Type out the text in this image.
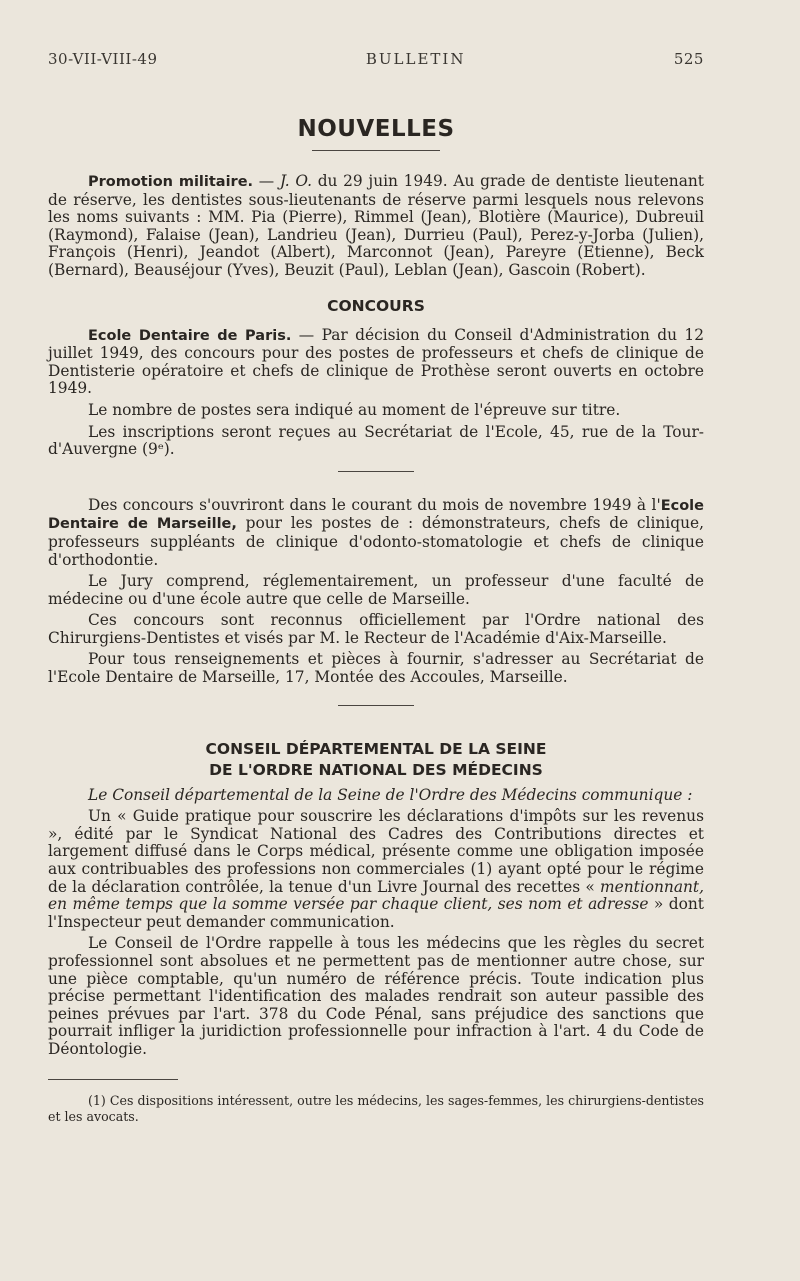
30-VII-VIII-49	BULLETIN	525
NOUVELLES

Promotion militaire. — J. O. du 29 juin 1949. Au grade de dentiste lieutenant de réserve, les dentistes sous-lieutenants de réserve parmi lesquels nous relevons les noms suivants : MM. Pia (Pierre), Rimmel (Jean), Blotière (Maurice), Dubreuil (Raymond), Falaise (Jean), Landrieu (Jean), Durrieu (Paul), Perez-y-Jorba (Julien), François (Henri), Jeandot (Albert), Marconnot (Jean), Pareyre (Etienne), Beck (Bernard), Beauséjour (Yves), Beuzit (Paul), Leblan (Jean), Gascoin (Robert).

CONCOURS

Ecole Dentaire de Paris. — Par décision du Conseil d'Administration du 12 juillet 1949, des concours pour des postes de professeurs et chefs de clinique de Dentisterie opératoire et chefs de clinique de Prothèse seront ouverts en octobre 1949.

Le nombre de postes sera indiqué au moment de l'épreuve sur titre.

Les inscriptions seront reçues au Secrétariat de l'Ecole, 45, rue de la Tour-d'Auvergne (9ᵉ).

Des concours s'ouvriront dans le courant du mois de novembre 1949 à l'Ecole Dentaire de Marseille, pour les postes de : démonstrateurs, chefs de clinique, professeurs suppléants de clinique d'odonto-stomatologie et chefs de clinique d'orthodontie.

Le Jury comprend, réglementairement, un professeur d'une faculté de médecine ou d'une école autre que celle de Marseille.

Ces concours sont reconnus officiellement par l'Ordre national des Chirurgiens-Dentistes et visés par M. le Recteur de l'Académie d'Aix-Marseille.

Pour tous renseignements et pièces à fournir, s'adresser au Secrétariat de l'Ecole Dentaire de Marseille, 17, Montée des Accoules, Marseille.

CONSEIL DÉPARTEMENTAL DE LA SEINE
DE L'ORDRE NATIONAL DES MÉDECINS

Le Conseil départemental de la Seine de l'Ordre des Médecins communique :

Un « Guide pratique pour souscrire les déclarations d'impôts sur les revenus », édité par le Syndicat National des Cadres des Contributions directes et largement diffusé dans le Corps médical, présente comme une obligation imposée aux contribuables des professions non commerciales (1) ayant opté pour le régime de la déclaration contrôlée, la tenue d'un Livre Journal des recettes « mentionnant, en même temps que la somme versée par chaque client, ses nom et adresse » dont l'Inspecteur peut demander communication.

Le Conseil de l'Ordre rappelle à tous les médecins que les règles du secret professionnel sont absolues et ne permettent pas de mentionner autre chose, sur une pièce comptable, qu'un numéro de référence précis. Toute indication plus précise permettant l'identification des malades rendrait son auteur passible des peines prévues par l'art. 378 du Code Pénal, sans préjudice des sanctions que pourrait infliger la juridiction professionnelle pour infraction à l'art. 4 du Code de Déontologie.

(1) Ces dispositions intéressent, outre les médecins, les sages-femmes, les chirurgiens-dentistes et les avocats.
